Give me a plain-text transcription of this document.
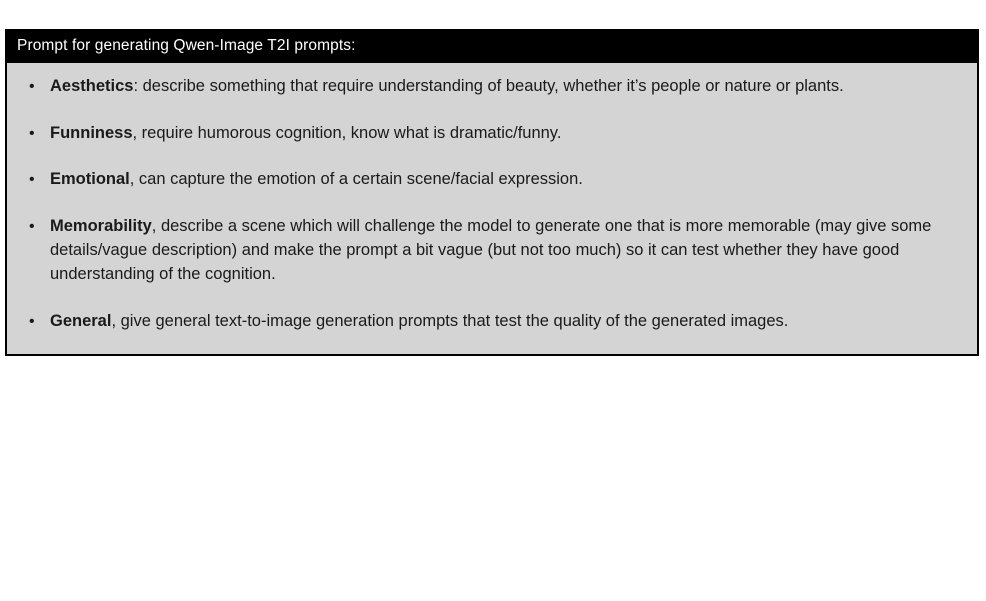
Prompt for generating Qwen-Image T2I prompts:
• Aesthetics: describe something that require understanding of beauty, whether it’s people or nature or plants.
• Funniness, require humorous cognition, know what is dramatic/funny.
• Emotional, can capture the emotion of a certain scene/facial expression.
• Memorability, describe a scene which will challenge the model to generate one that is more memorable (may give some details/vague description) and make the prompt a bit vague (but not too much) so it can test whether they have good understanding of the cognition.
• General, give general text-to-image generation prompts that test the quality of the generated images.
